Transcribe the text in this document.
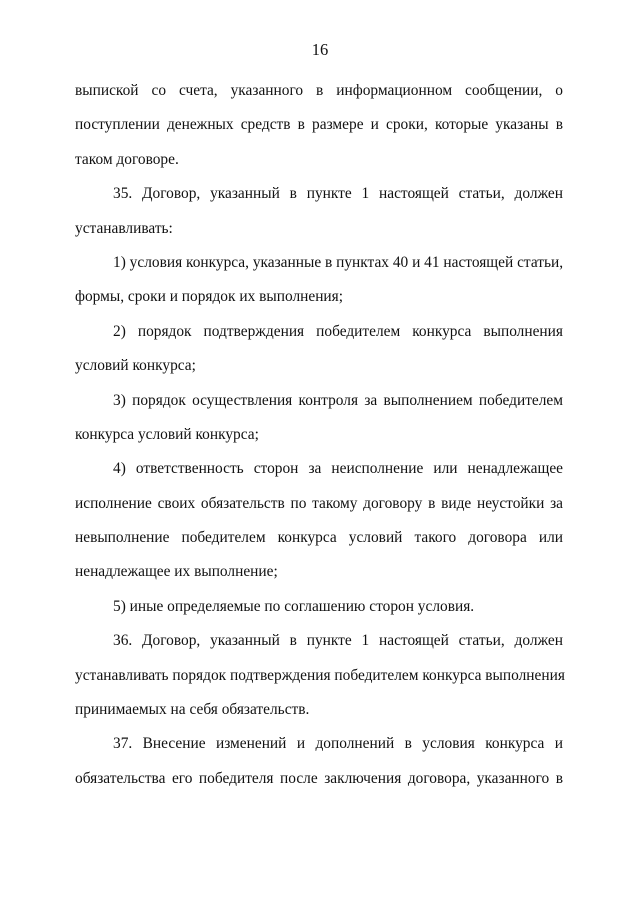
16
выпиской со счета, указанного в информационном сообщении, о
поступлении денежных средств в размере и сроки, которые указаны в
таком договоре.
35. Договор, указанный в пункте 1 настоящей статьи, должен
устанавливать:
1) условия конкурса, указанные в пунктах 40 и 41 настоящей статьи,
формы, сроки и порядок их выполнения;
2) порядок подтверждения победителем конкурса выполнения
условий конкурса;
3) порядок осуществления контроля за выполнением победителем
конкурса условий конкурса;
4) ответственность сторон за неисполнение или ненадлежащее
исполнение своих обязательств по такому договору в виде неустойки за
невыполнение победителем конкурса условий такого договора или
ненадлежащее их выполнение;
5) иные определяемые по соглашению сторон условия.
36. Договор, указанный в пункте 1 настоящей статьи, должен
устанавливать порядок подтверждения победителем конкурса выполнения
принимаемых на себя обязательств.
37. Внесение изменений и дополнений в условия конкурса и
обязательства его победителя после заключения договора, указанного в
